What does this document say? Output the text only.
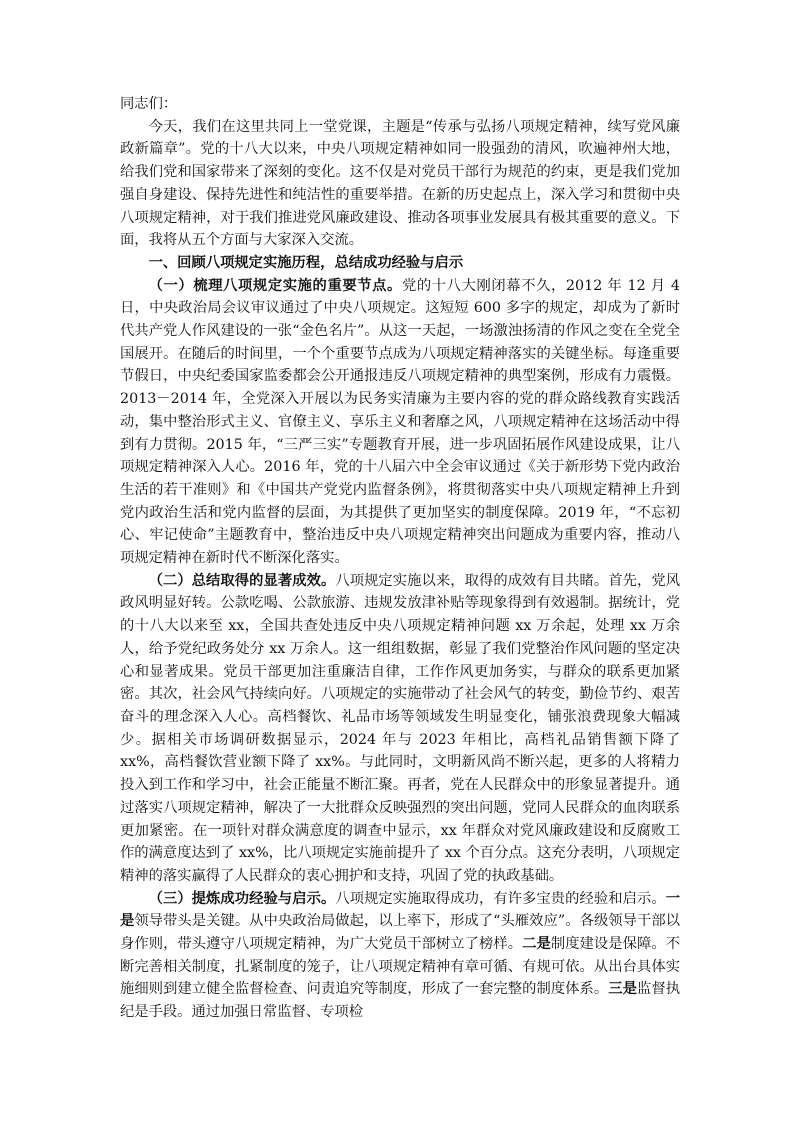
同志们：

今天，我们在这里共同上一堂党课，主题是“传承与弘扬八项规定精神，续写党风廉政新篇章”。党的十八大以来，中央八项规定精神如同一股强劲的清风，吹遍神州大地，给我们党和国家带来了深刻的变化。这不仅是对党员干部行为规范的约束，更是我们党加强自身建设、保持先进性和纯洁性的重要举措。在新的历史起点上，深入学习和贯彻中央八项规定精神，对于我们推进党风廉政建设、推动各项事业发展具有极其重要的意义。下面，我将从五个方面与大家深入交流。

一、回顾八项规定实施历程，总结成功经验与启示

（一）梳理八项规定实施的重要节点。党的十八大刚闭幕不久，2012 年 12 月 4 日，中央政治局会议审议通过了中央八项规定。这短短 600 多字的规定，却成为了新时代共产党人作风建设的一张“金色名片”。从这一天起，一场激浊扬清的作风之变在全党全国展开。在随后的时间里，一个个重要节点成为八项规定精神落实的关键坐标。每逢重要节假日，中央纪委国家监委都会公开通报违反八项规定精神的典型案例，形成有力震慑。2013－2014 年，全党深入开展以为民务实清廉为主要内容的党的群众路线教育实践活动，集中整治形式主义、官僚主义、享乐主义和奢靡之风，八项规定精神在这场活动中得到有力贯彻。2015 年，“三严三实”专题教育开展，进一步巩固拓展作风建设成果，让八项规定精神深入人心。2016 年，党的十八届六中全会审议通过《关于新形势下党内政治生活的若干准则》和《中国共产党党内监督条例》，将贯彻落实中央八项规定精神上升到党内政治生活和党内监督的层面，为其提供了更加坚实的制度保障。2019 年，“不忘初心、牢记使命”主题教育中，整治违反中央八项规定精神突出问题成为重要内容，推动八项规定精神在新时代不断深化落实。

（二）总结取得的显著成效。八项规定实施以来，取得的成效有目共睹。首先，党风政风明显好转。公款吃喝、公款旅游、违规发放津补贴等现象得到有效遏制。据统计，党的十八大以来至 xx，全国共查处违反中央八项规定精神问题 xx 万余起，处理 xx 万余人，给予党纪政务处分 xx 万余人。这一组组数据，彰显了我们党整治作风问题的坚定决心和显著成果。党员干部更加注重廉洁自律，工作作风更加务实，与群众的联系更加紧密。其次，社会风气持续向好。八项规定的实施带动了社会风气的转变，勤俭节约、艰苦奋斗的理念深入人心。高档餐饮、礼品市场等领域发生明显变化，铺张浪费现象大幅减少。据相关市场调研数据显示，2024 年与 2023 年相比，高档礼品销售额下降了 xx%，高档餐饮营业额下降了 xx%。与此同时，文明新风尚不断兴起，更多的人将精力投入到工作和学习中，社会正能量不断汇聚。再者，党在人民群众中的形象显著提升。通过落实八项规定精神，解决了一大批群众反映强烈的突出问题，党同人民群众的血肉联系更加紧密。在一项针对群众满意度的调查中显示，xx 年群众对党风廉政建设和反腐败工作的满意度达到了 xx%，比八项规定实施前提升了 xx 个百分点。这充分表明，八项规定精神的落实赢得了人民群众的衷心拥护和支持，巩固了党的执政基础。

（三）提炼成功经验与启示。八项规定实施取得成功，有许多宝贵的经验和启示。一是领导带头是关键。从中央政治局做起，以上率下，形成了“头雁效应”。各级领导干部以身作则，带头遵守八项规定精神，为广大党员干部树立了榜样。二是制度建设是保障。不断完善相关制度，扎紧制度的笼子，让八项规定精神有章可循、有规可依。从出台具体实施细则到建立健全监督检查、问责追究等制度，形成了一套完整的制度体系。三是监督执纪是手段。通过加强日常监督、专项检
